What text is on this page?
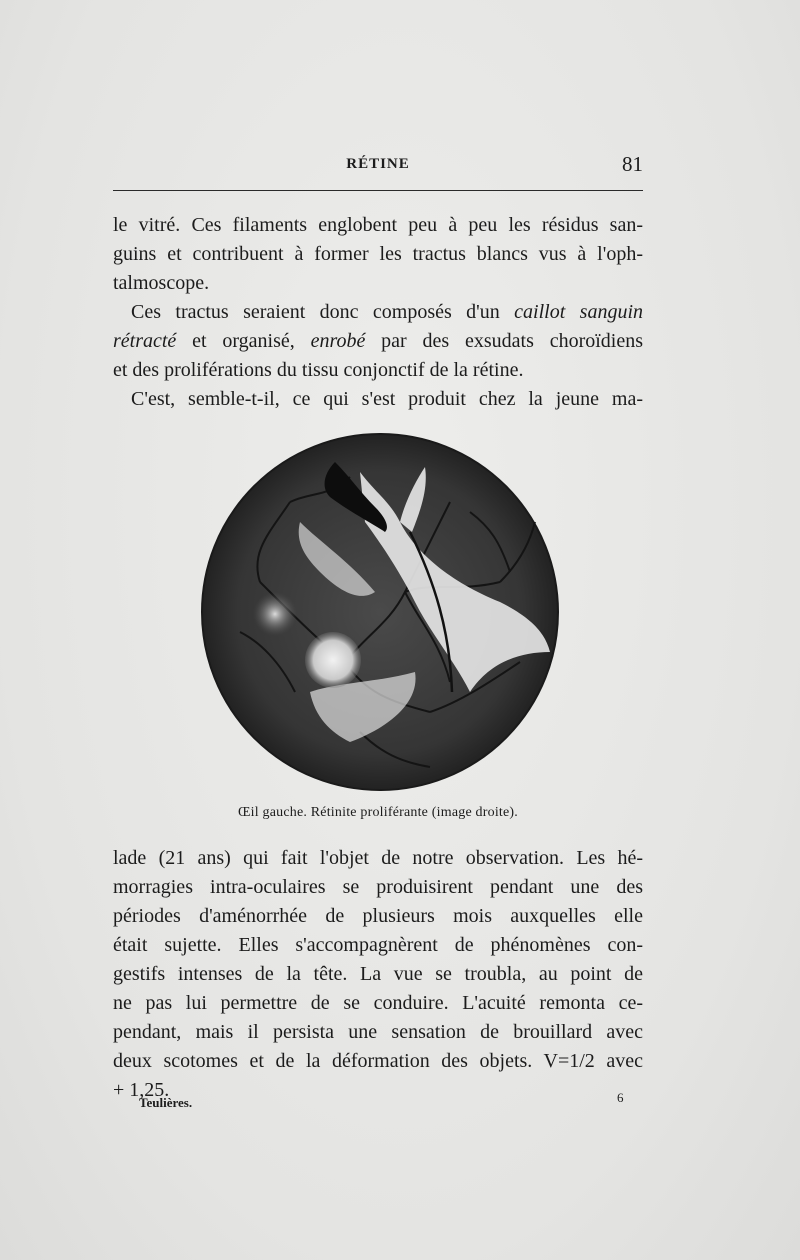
RÉTINE	81

le vitré. Ces filaments englobent peu à peu les résidus san-
guins et contribuent à former les tractus blancs vus à l'oph-
talmoscope.

Ces tractus seraient donc composés d'un caillot sanguin
rétracté et organisé, enrobé par des exsudats choroïdiens
et des proliférations du tissu conjonctif de la rétine.

C'est, semble-t-il, ce qui s'est produit chez la jeune ma-

Œil gauche. Rétinite proliférante (image droite).

lade (21 ans) qui fait l'objet de notre observation. Les hé-
morragies intra-oculaires se produisirent pendant une des
périodes d'aménorrhée de plusieurs mois auxquelles elle
était sujette. Elles s'accompagnèrent de phénomènes con-
gestifs intenses de la tête. La vue se troubla, au point de
ne pas lui permettre de se conduire. L'acuité remonta ce-
pendant, mais il persista une sensation de brouillard avec
deux scotomes et de la déformation des objets. V=1/2 avec
+ 1,25.

Teulières.	6
